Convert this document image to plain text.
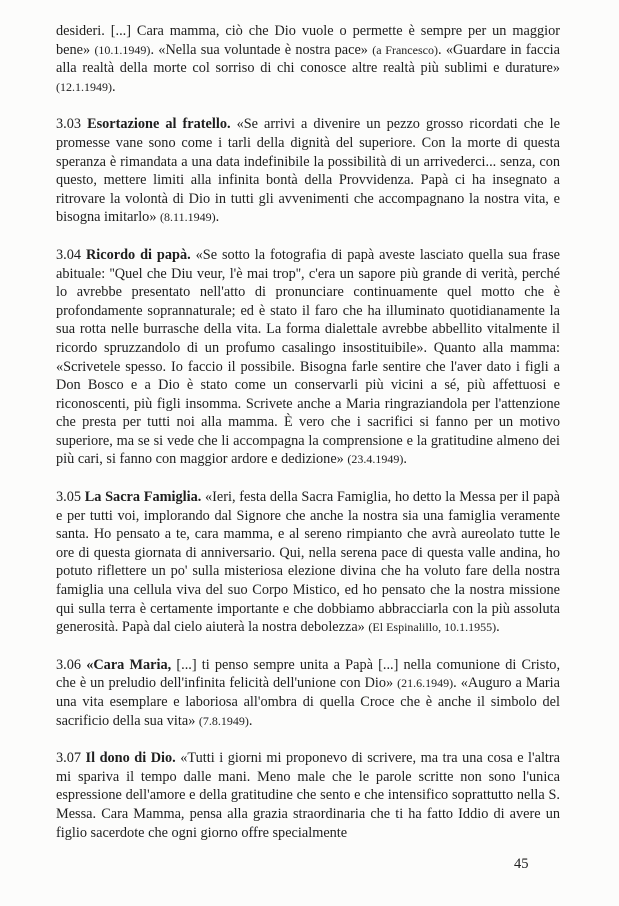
desideri. [...] Cara mamma, ciò che Dio vuole o permette è sempre per un maggior bene» (10.1.1949). «Nella sua voluntade è nostra pace» (a Francesco). «Guardare in faccia alla realtà della morte col sorriso di chi conosce altre realtà più sublimi e durature» (12.1.1949).

3.03 Esortazione al fratello. «Se arrivi a divenire un pezzo grosso ricordati che le promesse vane sono come i tarli della dignità del superiore. Con la morte di questa speranza è rimandata a una data indefinibile la possibilità di un arrivederci... senza, con questo, mettere limiti alla infinita bontà della Provvidenza. Papà ci ha insegnato a ritrovare la volontà di Dio in tutti gli avvenimenti che accompagnano la nostra vita, e bisogna imitarlo» (8.11.1949).

3.04 Ricordo di papà. «Se sotto la fotografia di papà aveste lasciato quella sua frase abituale: ''Quel che Diu veur, l'è mai trop'', c'era un sapore più grande di verità, perché lo avrebbe presentato nell'atto di pronunciare continuamente quel motto che è profondamente soprannaturale; ed è stato il faro che ha illuminato quotidianamente la sua rotta nelle burrasche della vita. La forma dialettale avrebbe abbellito vitalmente il ricordo spruzzandolo di un profumo casalingo insostituibile». Quanto alla mamma: «Scrivetele spesso. Io faccio il possibile. Bisogna farle sentire che l'aver dato i figli a Don Bosco e a Dio è stato come un conservarli più vicini a sé, più affettuosi e riconoscenti, più figli insomma. Scrivete anche a Maria ringraziandola per l'attenzione che presta per tutti noi alla mamma. È vero che i sacrifici si fanno per un motivo superiore, ma se si vede che li accompagna la comprensione e la gratitudine almeno dei più cari, si fanno con maggior ardore e dedizione» (23.4.1949).

3.05 La Sacra Famiglia. «Ieri, festa della Sacra Famiglia, ho detto la Messa per il papà e per tutti voi, implorando dal Signore che anche la nostra sia una famiglia veramente santa. Ho pensato a te, cara mamma, e al sereno rimpianto che avrà aureolato tutte le ore di questa giornata di anniversario. Qui, nella serena pace di questa valle andina, ho potuto riflettere un po' sulla misteriosa elezione divina che ha voluto fare della nostra famiglia una cellula viva del suo Corpo Mistico, ed ho pensato che la nostra missione qui sulla terra è certamente importante e che dobbiamo abbracciarla con la più assoluta generosità. Papà dal cielo aiuterà la nostra debolezza» (El Espinalillo, 10.1.1955).

3.06 «Cara Maria, [...] ti penso sempre unita a Papà [...] nella comunione di Cristo, che è un preludio dell'infinita felicità dell'unione con Dio» (21.6.1949). «Auguro a Maria una vita esemplare e laboriosa all'ombra di quella Croce che è anche il simbolo del sacrificio della sua vita» (7.8.1949).

3.07 Il dono di Dio. «Tutti i giorni mi proponevo di scrivere, ma tra una cosa e l'altra mi spariva il tempo dalle mani. Meno male che le parole scritte non sono l'unica espressione dell'amore e della gratitudine che sento e che intensifico soprattutto nella S. Messa. Cara Mamma, pensa alla grazia straordinaria che ti ha fatto Iddio di avere un figlio sacerdote che ogni giorno offre specialmente

45
